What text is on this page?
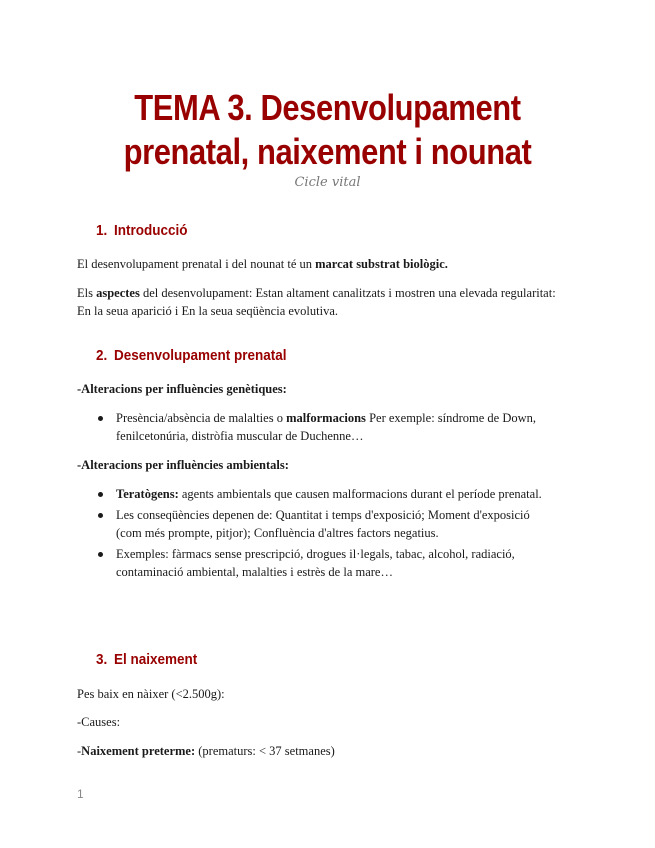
TEMA 3. Desenvolupament
prenatal, naixement i nounat
Cicle vital
1. Introducció
El desenvolupament prenatal i del nounat té un marcat substrat biològic.
Els aspectes del desenvolupament: Estan altament canalitzats i mostren una elevada regularitat: En la seua aparició i En la seua seqüència evolutiva.
2. Desenvolupament prenatal
-Alteracions per influències genètiques:
Presència/absència de malalties o malformacions Per exemple: síndrome de Down, fenilcetonúria, distròfia muscular de Duchenne…
-Alteracions per influències ambientals:
Teratògens: agents ambientals que causen malformacions durant el període prenatal.
Les conseqüències depenen de: Quantitat i temps d'exposició; Moment d'exposició (com més prompte, pitjor); Confluència d'altres factors negatius.
Exemples: fàrmacs sense prescripció, drogues il·legals, tabac, alcohol, radiació, contaminació ambiental, malalties i estrès de la mare…
3. El naixement
Pes baix en nàixer (<2.500g):
-Causes:
-Naixement preterme: (prematurs: < 37 setmanes)
1
